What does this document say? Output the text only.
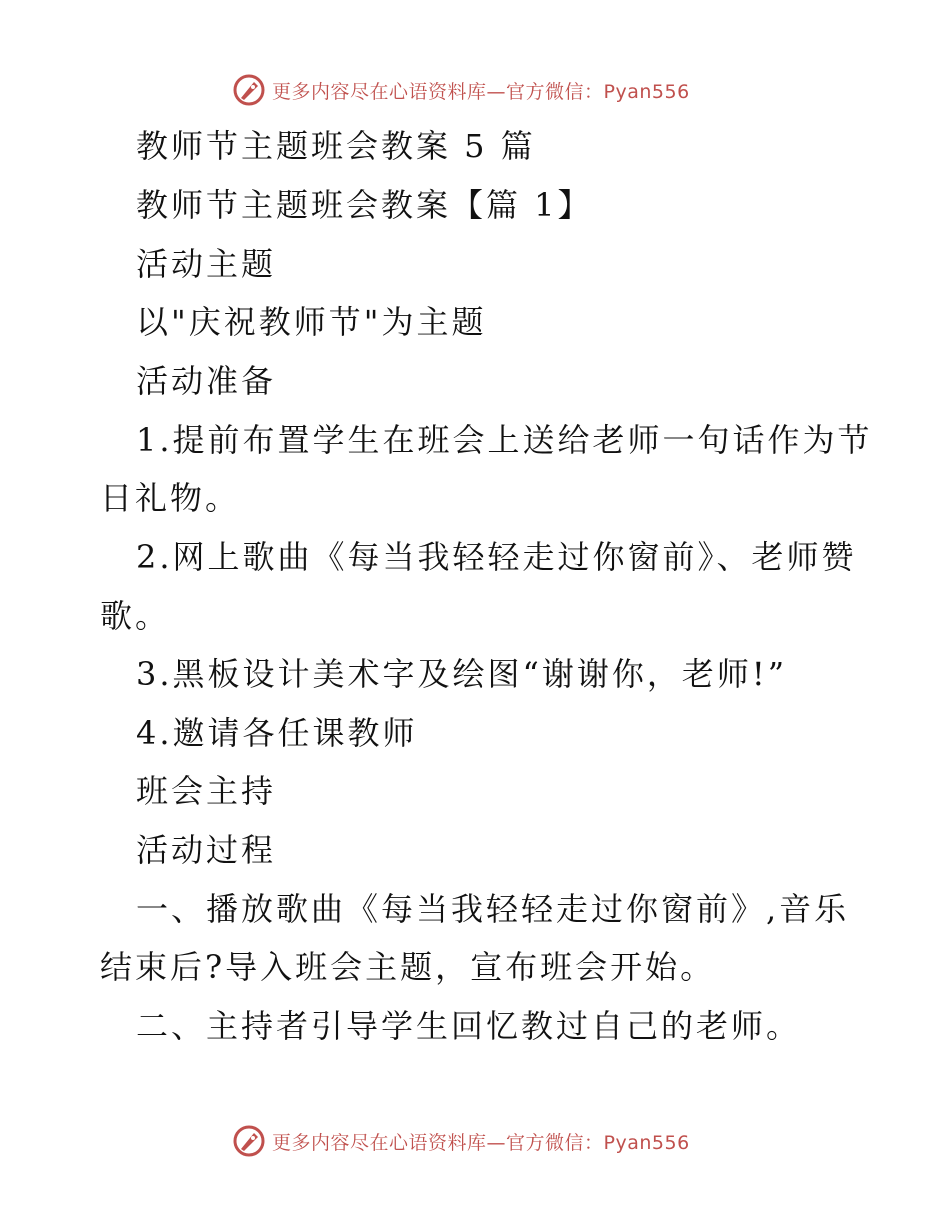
更多内容尽在心语资料库—官方微信：Pyan556
教师节主题班会教案 5 篇
教师节主题班会教案【篇 1】
活动主题
以"庆祝教师节"为主题
活动准备
1.提前布置学生在班会上送给老师一句话作为节
日礼物。
2.网上歌曲《每当我轻轻走过你窗前》、老师赞
歌。
3.黑板设计美术字及绘图“谢谢你，老师!”
4.邀请各任课教师
班会主持
活动过程
一、播放歌曲《每当我轻轻走过你窗前》,音乐
结束后?导入班会主题，宣布班会开始。
二、主持者引导学生回忆教过自己的老师。
更多内容尽在心语资料库—官方微信：Pyan556
